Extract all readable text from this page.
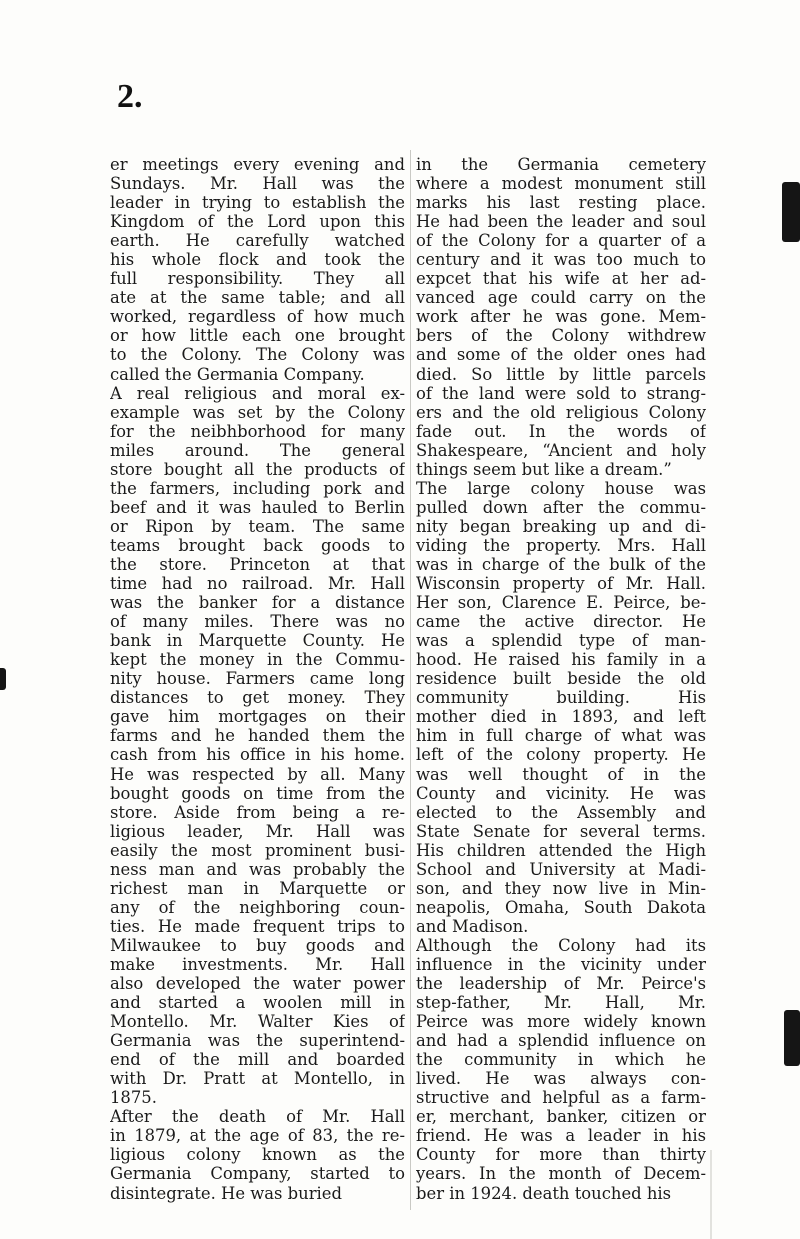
2.
er meetings every evening and
Sundays. Mr. Hall was the
leader in trying to establish the
Kingdom of the Lord upon this
earth. He carefully watched
his whole flock and took the
full responsibility. They all
ate at the same table; and all
worked, regardless of how much
or how little each one brought
to the Colony. The Colony was
called the Germania Company.
A real religious and moral ex-
example was set by the Colony
for the neibhborhood for many
miles around. The general
store bought all the products of
the farmers, including pork and
beef and it was hauled to Berlin
or Ripon by team. The same
teams brought back goods to
the store. Princeton at that
time had no railroad. Mr. Hall
was the banker for a distance
of many miles. There was no
bank in Marquette County. He
kept the money in the Commu-
nity house. Farmers came long
distances to get money. They
gave him mortgages on their
farms and he handed them the
cash from his office in his home.
He was respected by all. Many
bought goods on time from the
store. Aside from being a re-
ligious leader, Mr. Hall was
easily the most prominent busi-
ness man and was probably the
richest man in Marquette or
any of the neighboring coun-
ties. He made frequent trips to
Milwaukee to buy goods and
make investments. Mr. Hall
also developed the water power
and started a woolen mill in
Montello. Mr. Walter Kies of
Germania was the superintend-
end of the mill and boarded
with Dr. Pratt at Montello, in
1875.
After the death of Mr. Hall
in 1879, at the age of 83, the re-
ligious colony known as the
Germania Company, started to
disintegrate. He was buried
in the Germania cemetery
where a modest monument still
marks his last resting place.
He had been the leader and soul
of the Colony for a quarter of a
century and it was too much to
expcet that his wife at her ad-
vanced age could carry on the
work after he was gone. Mem-
bers of the Colony withdrew
and some of the older ones had
died. So little by little parcels
of the land were sold to strang-
ers and the old religious Colony
fade out. In the words of
Shakespeare, “Ancient and holy
things seem but like a dream.”
The large colony house was
pulled down after the commu-
nity began breaking up and di-
viding the property. Mrs. Hall
was in charge of the bulk of the
Wisconsin property of Mr. Hall.
Her son, Clarence E. Peirce, be-
came the active director. He
was a splendid type of man-
hood. He raised his family in a
residence built beside the old
community building. His
mother died in 1893, and left
him in full charge of what was
left of the colony property. He
was well thought of in the
County and vicinity. He was
elected to the Assembly and
State Senate for several terms.
His children attended the High
School and University at Madi-
son, and they now live in Min-
neapolis, Omaha, South Dakota
and Madison.
Although the Colony had its
influence in the vicinity under
the leadership of Mr. Peirce's
step-father, Mr. Hall, Mr.
Peirce was more widely known
and had a splendid influence on
the community in which he
lived. He was always con-
structive and helpful as a farm-
er, merchant, banker, citizen or
friend. He was a leader in his
County for more than thirty
years. In the month of Decem-
ber in 1924. death touched his
